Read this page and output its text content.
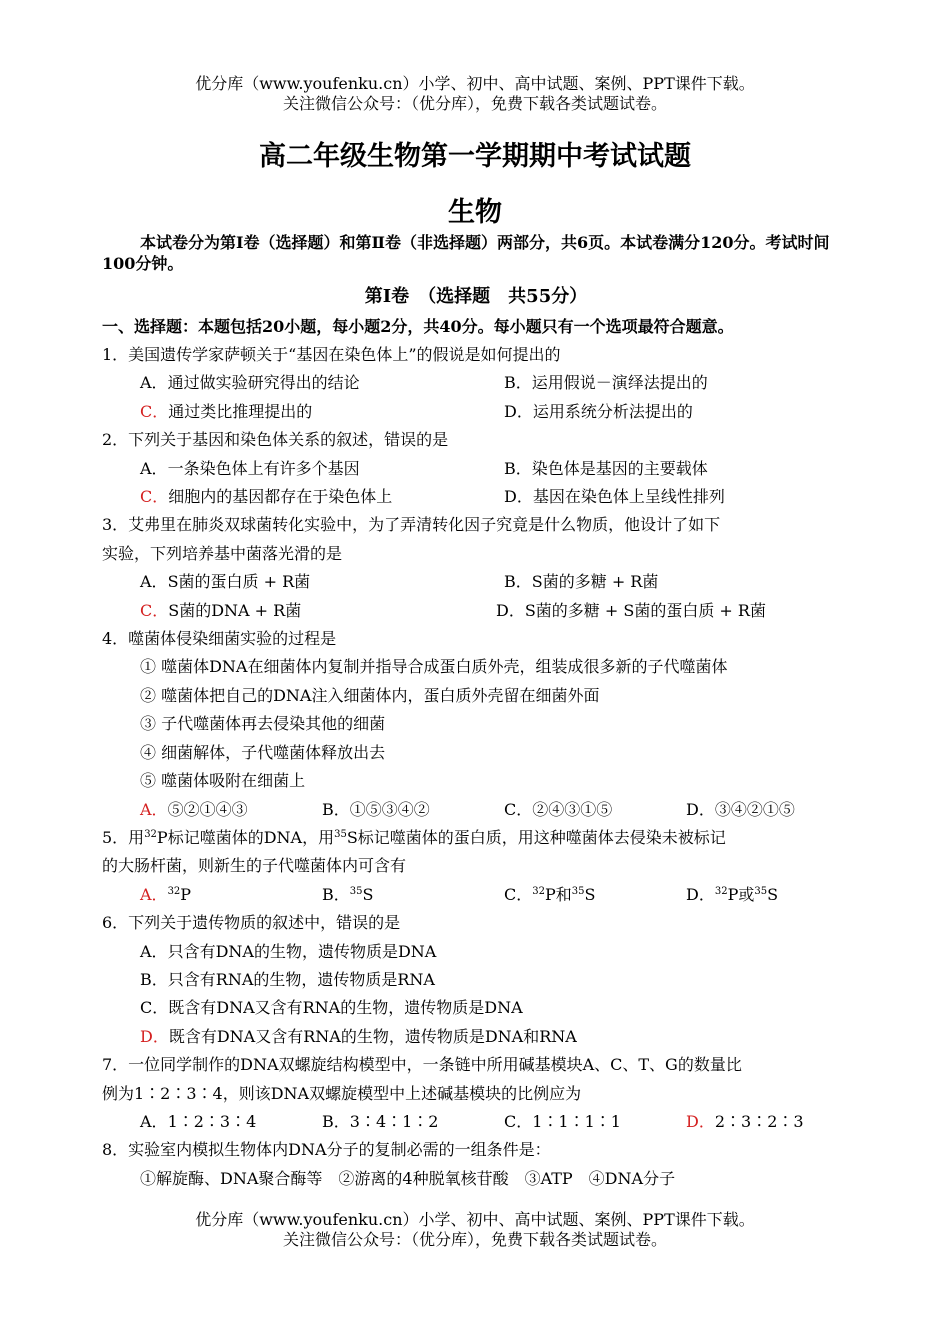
优分库（www.youfenku.cn）小学、初中、高中试题、案例、PPT课件下载。
关注微信公众号：（优分库），免费下载各类试题试卷。
高二年级生物第一学期期中考试试题
生物
本试卷分为第Ⅰ卷（选择题）和第Ⅱ卷（非选择题）两部分，共6页。本试卷满分120分。考试时间100分钟。
第Ⅰ卷　（选择题　共55分）
一、选择题：本题包括20小题，每小题2分，共40分。每小题只有一个选项最符合题意。
1．美国遗传学家萨顿关于“基因在染色体上”的假说是如何提出的
A．通过做实验研究得出的结论	B．运用假说－演绎法提出的
C．通过类比推理提出的	D．运用系统分析法提出的
2．下列关于基因和染色体关系的叙述，错误的是
A．一条染色体上有许多个基因	B．染色体是基因的主要载体
C．细胞内的基因都存在于染色体上	D．基因在染色体上呈线性排列
3．艾弗里在肺炎双球菌转化实验中，为了弄清转化因子究竟是什么物质，他设计了如下
实验，下列培养基中菌落光滑的是
A．S菌的蛋白质 + R菌	B．S菌的多糖 + R菌
C．S菌的DNA + R菌	D．S菌的多糖 + S菌的蛋白质 + R菌
4．噬菌体侵染细菌实验的过程是
① 噬菌体DNA在细菌体内复制并指导合成蛋白质外壳，组装成很多新的子代噬菌体
② 噬菌体把自己的DNA注入细菌体内，蛋白质外壳留在细菌外面
③ 子代噬菌体再去侵染其他的细菌
④ 细菌解体，子代噬菌体释放出去
⑤ 噬菌体吸附在细菌上
A．⑤②①④③	B．①⑤③④②	C．②④③①⑤	D．③④②①⑤
5．用$^{32}$P标记噬菌体的DNA，用$^{35}$S标记噬菌体的蛋白质，用这种噬菌体去侵染未被标记
的大肠杆菌，则新生的子代噬菌体内可含有
A．$^{32}$P	B．$^{35}$S	C．$^{32}$P和$^{35}$S	D．$^{32}$P或$^{35}$S
6．下列关于遗传物质的叙述中，错误的是
A．只含有DNA的生物，遗传物质是DNA
B．只含有RNA的生物，遗传物质是RNA
C．既含有DNA又含有RNA的生物，遗传物质是DNA
D．既含有DNA又含有RNA的生物，遗传物质是DNA和RNA
7．一位同学制作的DNA双螺旋结构模型中，一条链中所用碱基模块A、C、T、G的数量比
例为1∶2∶3∶4，则该DNA双螺旋模型中上述碱基模块的比例应为
A．1∶2∶3∶4	B．3∶4∶1∶2	C．1∶1∶1∶1	D．2∶3∶2∶3
8．实验室内模拟生物体内DNA分子的复制必需的一组条件是：
①解旋酶、DNA聚合酶等　②游离的4种脱氧核苷酸　③ATP　④DNA分子
优分库（www.youfenku.cn）小学、初中、高中试题、案例、PPT课件下载。
关注微信公众号：（优分库），免费下载各类试题试卷。
